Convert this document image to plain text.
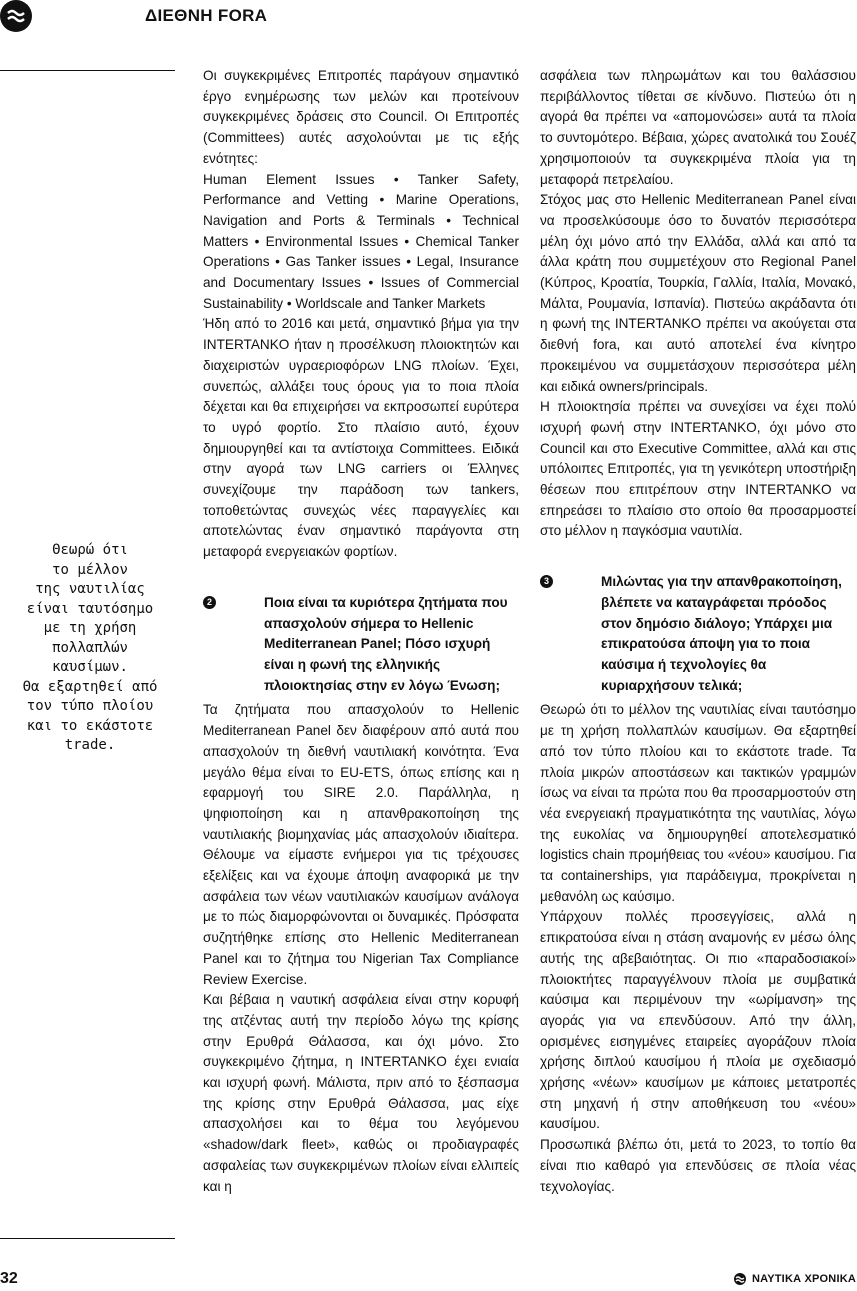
ΔΙΕΘΝΗ FORA
Θεωρώ ότι
το μέλλον
της ναυτιλίας
είναι ταυτόσημο
με τη χρήση
πολλαπλών
καυσίμων.
Θα εξαρτηθεί από
τον τύπο πλοίου
και το εκάστοτε
trade.

Οι συγκεκριμένες Επιτροπές παράγουν σημαντικό έργο ενημέρωσης των μελών και προτείνουν συγκεκριμένες δράσεις στο Council. Οι Επιτροπές (Committees) αυτές ασχολούνται με τις εξής ενότητες:

Human Element Issues • Tanker Safety, Performance and Vetting • Marine Operations, Navigation and Ports & Terminals • Technical Matters • Environmental Issues • Chemical Tanker Operations • Gas Tanker issues • Legal, Insurance and Documentary Issues • Issues of Commercial Sustainability • Worldscale and Tanker Markets

Ήδη από το 2016 και μετά, σημαντικό βήμα για την INTERTANKO ήταν η προσέλκυση πλοιοκτητών και διαχειριστών υγραεριοφόρων LNG πλοίων. Έχει, συνεπώς, αλλάξει τους όρους για το ποια πλοία δέχεται και θα επιχειρήσει να εκπροσωπεί ευρύτερα το υγρό φορτίο. Στο πλαίσιο αυτό, έχουν δημιουργηθεί και τα αντίστοιχα Committees. Ειδικά στην αγορά των LNG carriers οι Έλληνες συνεχίζουμε την παράδοση των tankers, τοποθετώντας συνεχώς νέες παραγγελίες και αποτελώντας έναν σημαντικό παράγοντα στη μεταφορά ενεργειακών φορτίων.

2	Ποια είναι τα κυριότερα ζητήματα που απασχολούν σήμερα το Hellenic Mediterranean Panel; Πόσο ισχυρή είναι η φωνή της ελληνικής πλοιοκτησίας στην εν λόγω Ένωση;

Τα ζητήματα που απασχολούν το Hellenic Mediterranean Panel δεν διαφέρουν από αυτά που απασχολούν τη διεθνή ναυτιλιακή κοινότητα. Ένα μεγάλο θέμα είναι το EU-ETS, όπως επίσης και η εφαρμογή του SIRE 2.0. Παράλληλα, η ψηφιοποίηση και η απανθρακοποίηση της ναυτιλιακής βιομηχανίας μάς απασχολούν ιδιαίτερα. Θέλουμε να είμαστε ενήμεροι για τις τρέχουσες εξελίξεις και να έχουμε άποψη αναφορικά με την ασφάλεια των νέων ναυτιλιακών καυσίμων ανάλογα με το πώς διαμορφώνονται οι δυναμικές. Πρόσφατα συζητήθηκε επίσης στο Hellenic Mediterranean Panel και το ζήτημα του Nigerian Tax Compliance Review Exercise.

Και βέβαια η ναυτική ασφάλεια είναι στην κορυφή της ατζέντας αυτή την περίοδο λόγω της κρίσης στην Ερυθρά Θάλασσα, και όχι μόνο. Στο συγκεκριμένο ζήτημα, η INTERTANKO έχει ενιαία και ισχυρή φωνή. Μάλιστα, πριν από το ξέσπασμα της κρίσης στην Ερυθρά Θάλασσα, μας είχε απασχολήσει και το θέμα του λεγόμενου «shadow/dark fleet», καθώς οι προδιαγραφές ασφαλείας των συγκεκριμένων πλοίων είναι ελλιπείς και η

ασφάλεια των πληρωμάτων και του θαλάσσιου περιβάλλοντος τίθεται σε κίνδυνο. Πιστεύω ότι η αγορά θα πρέπει να «απομονώσει» αυτά τα πλοία το συντομότερο. Βέβαια, χώρες ανατολικά του Σουέζ χρησιμοποιούν τα συγκεκριμένα πλοία για τη μεταφορά πετρελαίου.

Στόχος μας στο Hellenic Mediterranean Panel είναι να προσελκύσουμε όσο το δυνατόν περισσότερα μέλη όχι μόνο από την Ελλάδα, αλλά και από τα άλλα κράτη που συμμετέχουν στο Regional Panel (Κύπρος, Κροατία, Τουρκία, Γαλλία, Ιταλία, Μονακό, Μάλτα, Ρουμανία, Ισπανία). Πιστεύω ακράδαντα ότι η φωνή της INTERTANKO πρέπει να ακούγεται στα διεθνή fora, και αυτό αποτελεί ένα κίνητρο προκειμένου να συμμετάσχουν περισσότερα μέλη και ειδικά owners/principals.

Η πλοιοκτησία πρέπει να συνεχίσει να έχει πολύ ισχυρή φωνή στην INTERTANKO, όχι μόνο στο Council και στο Executive Committee, αλλά και στις υπόλοιπες Επιτροπές, για τη γενικότερη υποστήριξη θέσεων που επιτρέπουν στην INTERTANKO να επηρεάσει το πλαίσιο στο οποίο θα προσαρμοστεί στο μέλλον η παγκόσμια ναυτιλία.

3	Μιλώντας για την απανθρακοποίηση, βλέπετε να καταγράφεται πρόοδος στον δημόσιο διάλογο; Υπάρχει μια επικρατούσα άποψη για το ποια καύσιμα ή τεχνολογίες θα κυριαρχήσουν τελικά;

Θεωρώ ότι το μέλλον της ναυτιλίας είναι ταυτόσημο με τη χρήση πολλαπλών καυσίμων. Θα εξαρτηθεί από τον τύπο πλοίου και το εκάστοτε trade. Τα πλοία μικρών αποστάσεων και τακτικών γραμμών ίσως να είναι τα πρώτα που θα προσαρμοστούν στη νέα ενεργειακή πραγματικότητα της ναυτιλίας, λόγω της ευκολίας να δημιουργηθεί αποτελεσματικό logistics chain προμήθειας του «νέου» καυσίμου. Για τα containerships, για παράδειγμα, προκρίνεται η μεθανόλη ως καύσιμο.

Υπάρχουν πολλές προσεγγίσεις, αλλά η επικρατούσα είναι η στάση αναμονής εν μέσω όλης αυτής της αβεβαιότητας. Οι πιο «παραδοσιακοί» πλοιοκτήτες παραγγέλνουν πλοία με συμβατικά καύσιμα και περιμένουν την «ωρίμανση» της αγοράς για να επενδύσουν. Από την άλλη, ορισμένες εισηγμένες εταιρείες αγοράζουν πλοία χρήσης διπλού καυσίμου ή πλοία με σχεδιασμό χρήσης «νέων» καυσίμων με κάποιες μετατροπές στη μηχανή ή στην αποθήκευση του «νέου» καυσίμου.

Προσωπικά βλέπω ότι, μετά το 2023, το τοπίο θα είναι πιο καθαρό για επενδύσεις σε πλοία νέας τεχνολογίας.

32	ΝΑΥΤΙΚΑ ΧΡΟΝΙΚΑ
